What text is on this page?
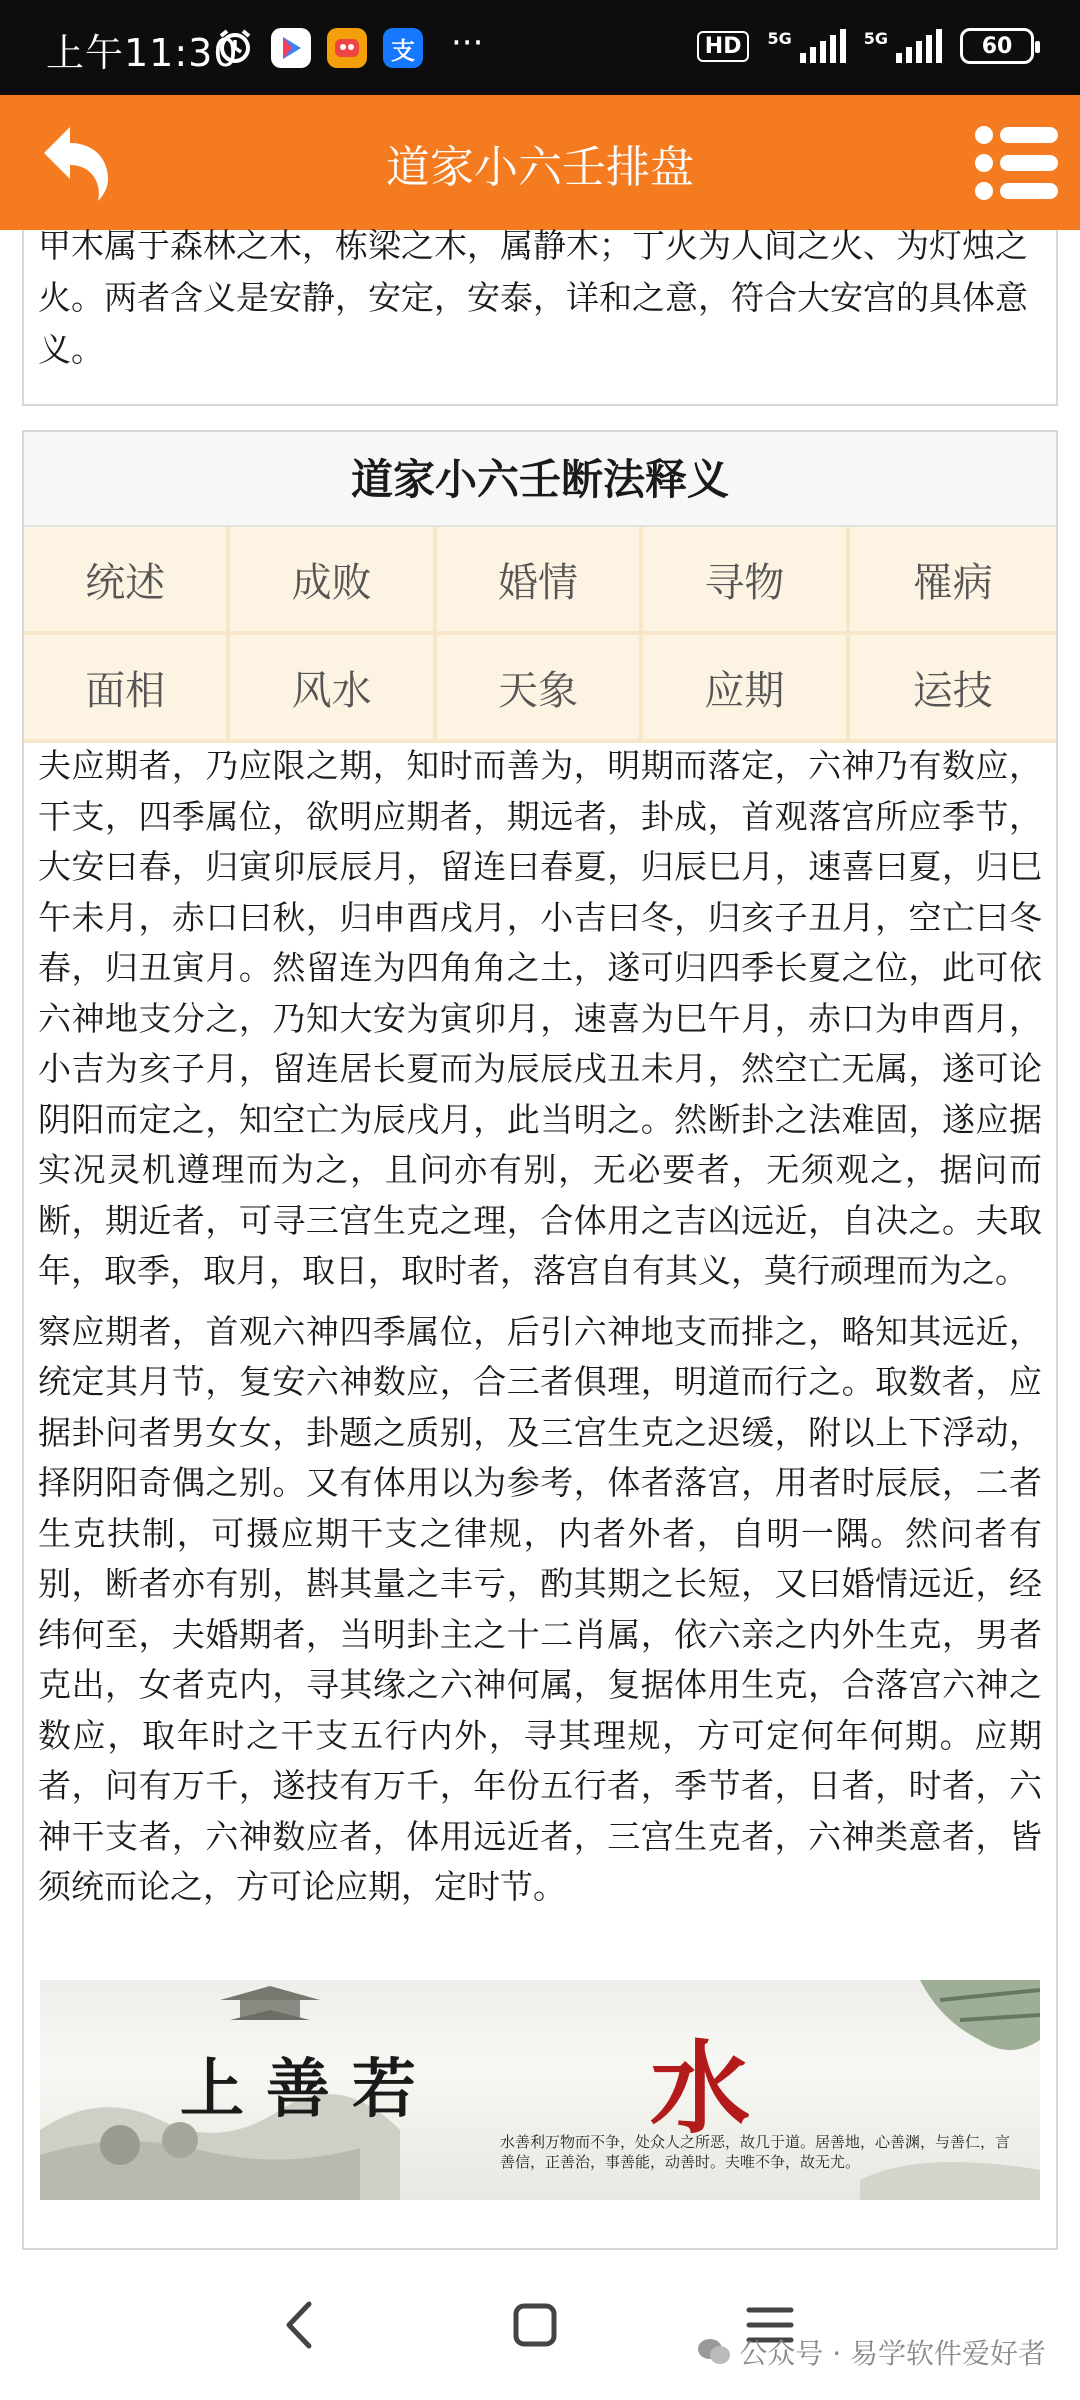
上午11:30	支 ···	HD	5G	5G	60
道家小六壬排盘

甲木属于森林之木，栋梁之木，属静木；丁火为人间之火、为灯烛之火。两者含义是安静，安定，安泰，详和之意，符合大安宫的具体意义。

道家小六壬断法释义
统述	成败	婚情	寻物	罹病
面相	风水	天象	应期	运技

夫应期者，乃应限之期，知时而善为，明期而落定，六神乃有数应，干支，四季属位，欲明应期者，期远者，卦成，首观落宫所应季节，大安曰春，归寅卯辰辰月，留连曰春夏，归辰巳月，速喜曰夏，归巳午未月，赤口曰秋，归申酉戌月，小吉曰冬，归亥子丑月，空亡曰冬春，归丑寅月。然留连为四角角之土，遂可归四季长夏之位，此可依六神地支分之，乃知大安为寅卯月，速喜为巳午月，赤口为申酉月，小吉为亥子月，留连居长夏而为辰辰戌丑未月，然空亡无属，遂可论阴阳而定之，知空亡为辰戌月，此当明之。然断卦之法难固，遂应据实况灵机遵理而为之，且问亦有别，无必要者，无须观之，据问而断，期近者，可寻三宫生克之理，合体用之吉凶远近，自决之。夫取年，取季，取月，取日，取时者，落宫自有其义，莫行顽理而为之。

察应期者，首观六神四季属位，后引六神地支而排之，略知其远近，统定其月节，复安六神数应，合三者俱理，明道而行之。取数者，应据卦问者男女女，卦题之质别，及三宫生克之迟缓，附以上下浮动，择阴阳奇偶之别。又有体用以为参考，体者落宫，用者时辰辰，二者生克扶制，可摄应期干支之律规，内者外者，自明一隅。然问者有别，断者亦有别，斟其量之丰亏，酌其期之长短，又曰婚情远近，经纬何至，夫婚期者，当明卦主之十二肖属，依六亲之内外生克，男者克出，女者克内，寻其缘之六神何属，复据体用生克，合落宫六神之数应，取年时之干支五行内外，寻其理规，方可定何年何期。应期者，问有万千，遂技有万千，年份五行者，季节者，日者，时者，六神干支者，六神数应者，体用远近者，三宫生克者，六神类意者，皆须统而论之，方可论应期，定时节。

上善若 水
水善利万物而不争，处众人之所恶，故几于道。居善地，心善渊，与善仁，言善信，正善治，事善能，动善时。夫唯不争，故无尤。
公众号 · 易学软件爱好者
